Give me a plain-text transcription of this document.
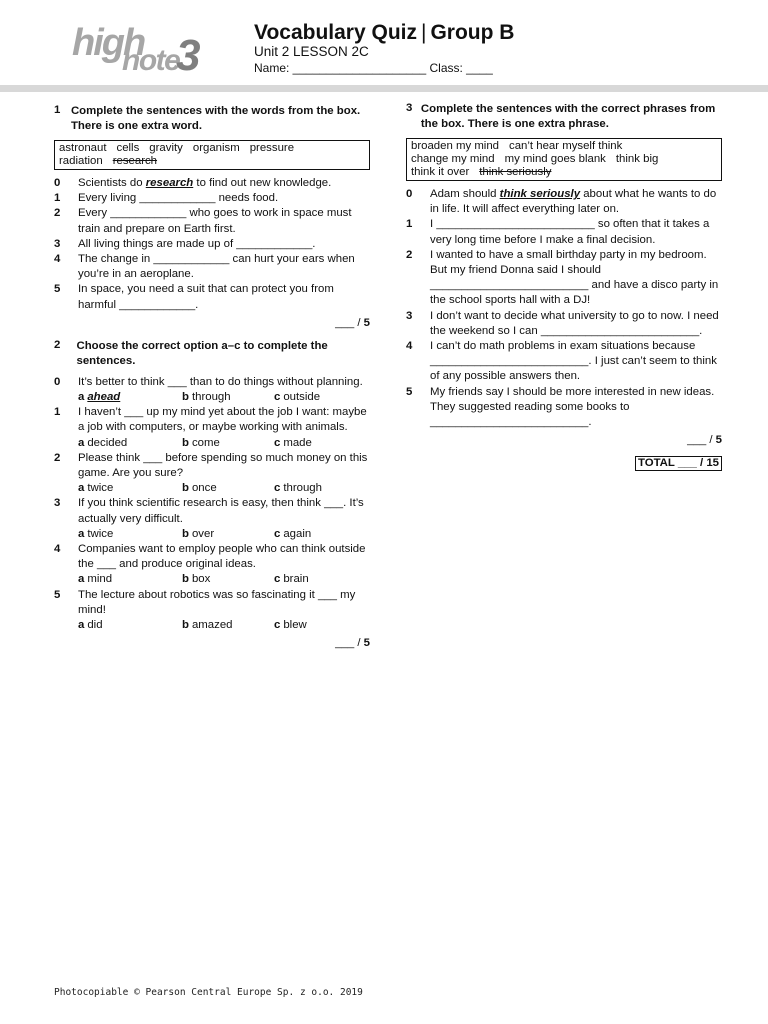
high
note
3	Vocabulary Quiz | Group B
Unit 2 LESSON 2C
Name: ____________________ Class: ____
1 Complete the sentences with the words from the box. There is one extra word.
astronaut cells gravity organism pressure
radiation research
0	Scientists do research to find out new knowledge.
1	Every living ____________ needs food.
2	Every ____________ who goes to work in space must train and prepare on Earth first.
3	All living things are made up of ____________.
4	The change in ____________ can hurt your ears when you’re in an aeroplane.
5	In space, you need a suit that can protect you from harmful ____________.
___ / 5
2	Choose the correct option a–c to complete the sentences.
0	It’s better to think ___ than to do things without planning.
a ahead	b through	c outside
1	I haven’t ___ up my mind yet about the job I want: maybe a job with computers, or maybe working with animals.
a decided	b come	c made
2	Please think ___ before spending so much money on this game. Are you sure?
a twice	b once	c through
3	If you think scientific research is easy, then think ___. It’s actually very difficult.
a twice	b over	c again
4	Companies want to employ people who can think outside the ___ and produce original ideas.
a mind	b box	c brain
5	The lecture about robotics was so fascinating it ___ my mind!
a did	b amazed	c blew
___ / 5
3 Complete the sentences with the correct phrases from the box. There is one extra phrase.
broaden my mind can’t hear myself think
change my mind my mind goes blank think big
think it over think seriously
0	Adam should think seriously about what he wants to do in life. It will affect everything later on.
1	I _________________________ so often that it takes a very long time before I make a final decision.
2	I wanted to have a small birthday party in my bedroom. But my friend Donna said I should _________________________ and have a disco party in the school sports hall with a DJ!
3	I don’t want to decide what university to go to now. I need the weekend so I can _________________________.
4	I can’t do math problems in exam situations because _________________________. I just can’t seem to think of any possible answers then.
5	My friends say I should be more interested in new ideas. They suggested reading some books to _________________________.
___ / 5
TOTAL ___ / 15
Photocopiable © Pearson Central Europe Sp. z o.o. 2019
